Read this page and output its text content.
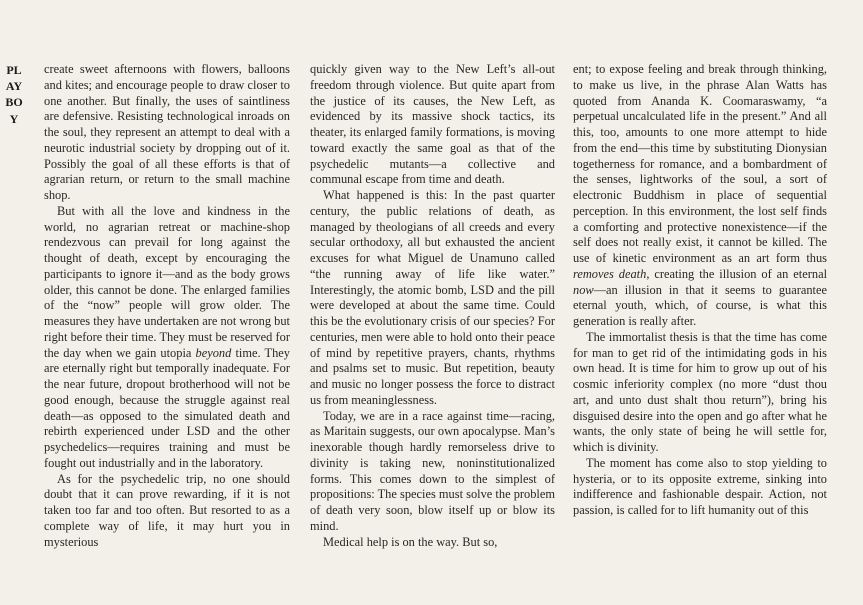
PLAYBOY

create sweet afternoons with flowers, balloons and kites; and encourage people to draw closer to one another. But finally, the uses of saintliness are defensive. Resisting technological inroads on the soul, they represent an attempt to deal with a neurotic industrial society by dropping out of it. Possibly the goal of all these efforts is that of agrarian return, or return to the small machine shop.

But with all the love and kindness in the world, no agrarian retreat or machine-shop rendezvous can prevail for long against the thought of death, except by encouraging the participants to ignore it—and as the body grows older, this cannot be done. The enlarged families of the “now” people will grow older. The measures they have undertaken are not wrong but right before their time. They must be reserved for the day when we gain utopia beyond time. They are eternally right but temporally inadequate. For the near future, dropout brotherhood will not be good enough, because the struggle against real death—as opposed to the simulated death and rebirth experienced under LSD and the other psychedelics—requires training and must be fought out industrially and in the laboratory.

As for the psychedelic trip, no one should doubt that it can prove rewarding, if it is not taken too far and too often. But resorted to as a complete way of life, it may hurt you in mysterious

quickly given way to the New Left’s all-out freedom through violence. But quite apart from the justice of its causes, the New Left, as evidenced by its massive shock tactics, its theater, its enlarged family formations, is moving toward exactly the same goal as that of the psychedelic mutants—a collective and communal escape from time and death.

What happened is this: In the past quarter century, the public relations of death, as managed by theologians of all creeds and every secular orthodoxy, all but exhausted the ancient excuses for what Miguel de Unamuno called “the running away of life like water.” Interestingly, the atomic bomb, LSD and the pill were developed at about the same time. Could this be the evolutionary crisis of our species? For centuries, men were able to hold onto their peace of mind by repetitive prayers, chants, rhythms and psalms set to music. But repetition, beauty and music no longer possess the force to distract us from meaninglessness.

Today, we are in a race against time—racing, as Maritain suggests, our own apocalypse. Man’s inexorable though hardly remorseless drive to divinity is taking new, noninstitutionalized forms. This comes down to the simplest of propositions: The species must solve the problem of death very soon, blow itself up or blow its mind.

Medical help is on the way. But so,

ent; to expose feeling and break through thinking, to make us live, in the phrase Alan Watts has quoted from Ananda K. Coomaraswamy, “a perpetual uncalculated life in the present.” And all this, too, amounts to one more attempt to hide from the end—this time by substituting Dionysian togetherness for romance, and a bombardment of the senses, lightworks of the soul, a sort of electronic Buddhism in place of sequential perception. In this environment, the lost self finds a comforting and protective nonexistence—if the self does not really exist, it cannot be killed. The use of kinetic environment as an art form thus removes death, creating the illusion of an eternal now—an illusion in that it seems to guarantee eternal youth, which, of course, is what this generation is really after.

The immortalist thesis is that the time has come for man to get rid of the intimidating gods in his own head. It is time for him to grow up out of his cosmic inferiority complex (no more “dust thou art, and unto dust shalt thou return”), bring his disguised desire into the open and go after what he wants, the only state of being he will settle for, which is divinity.

The moment has come also to stop yielding to hysteria, or to its opposite extreme, sinking into indifference and fashionable despair. Action, not passion, is called for to lift humanity out of this
